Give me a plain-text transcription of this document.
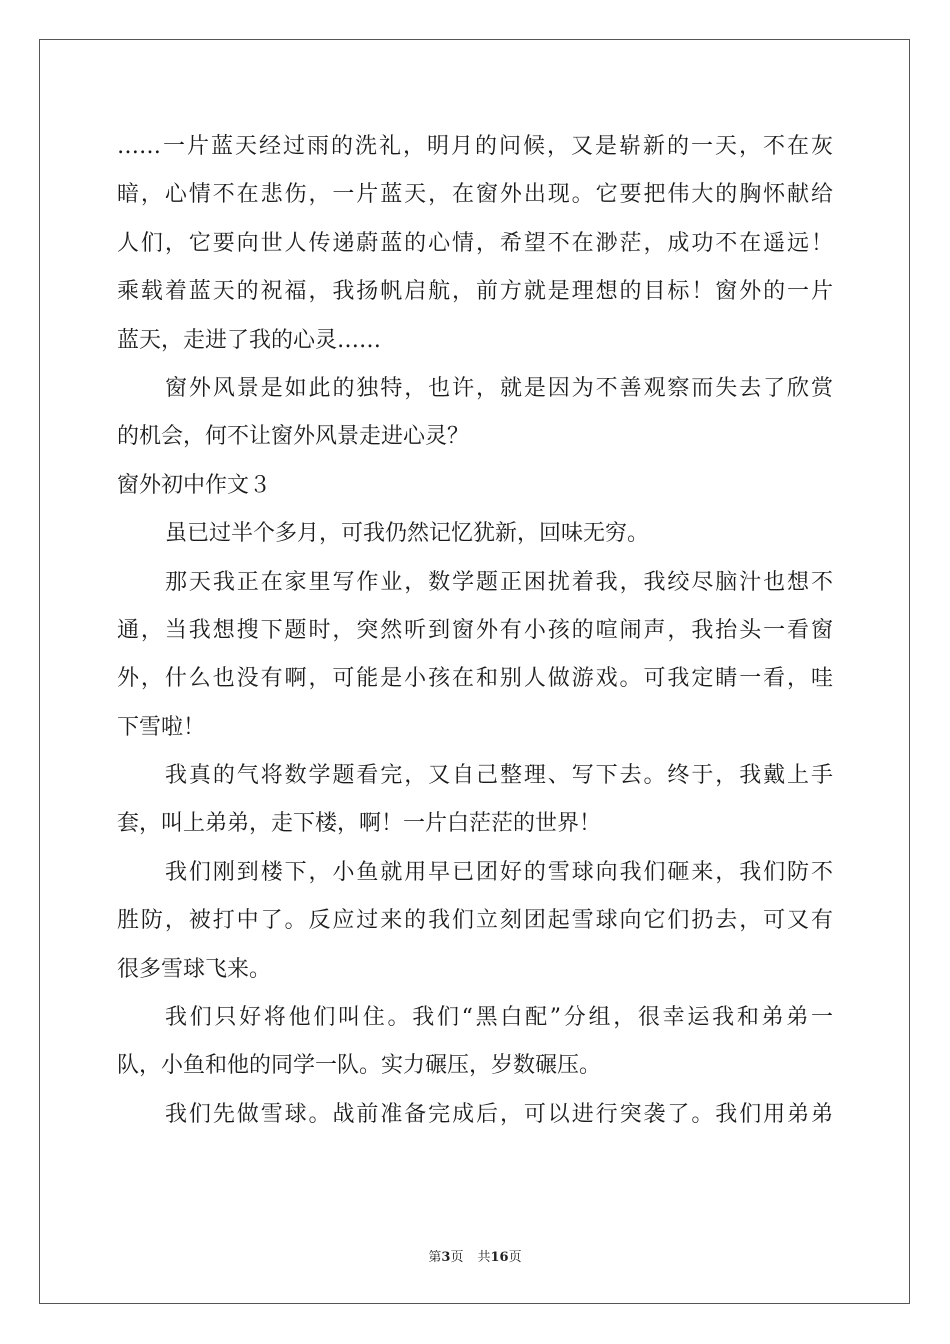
……一片蓝天经过雨的洗礼，明月的问候，又是崭新的一天，不在灰
暗，心情不在悲伤，一片蓝天，在窗外出现。它要把伟大的胸怀献给
人们，它要向世人传递蔚蓝的心情，希望不在渺茫，成功不在遥远！
乘载着蓝天的祝福，我扬帆启航，前方就是理想的目标！窗外的一片
蓝天，走进了我的心灵……
窗外风景是如此的独特，也许，就是因为不善观察而失去了欣赏
的机会，何不让窗外风景走进心灵？
窗外初中作文３
虽已过半个多月，可我仍然记忆犹新，回味无穷。
那天我正在家里写作业，数学题正困扰着我，我绞尽脑汁也想不
通，当我想搜下题时，突然听到窗外有小孩的喧闹声，我抬头一看窗
外，什么也没有啊，可能是小孩在和别人做游戏。可我定睛一看，哇
下雪啦！
我真的气将数学题看完，又自己整理、写下去。终于，我戴上手
套，叫上弟弟，走下楼，啊！一片白茫茫的世界！
我们刚到楼下，小鱼就用早已团好的雪球向我们砸来，我们防不
胜防，被打中了。反应过来的我们立刻团起雪球向它们扔去，可又有
很多雪球飞来。
我们只好将他们叫住。我们“黑白配”分组，很幸运我和弟弟一
队，小鱼和他的同学一队。实力碾压，岁数碾压。
我们先做雪球。战前准备完成后，可以进行突袭了。我们用弟弟
第3页 共16页
